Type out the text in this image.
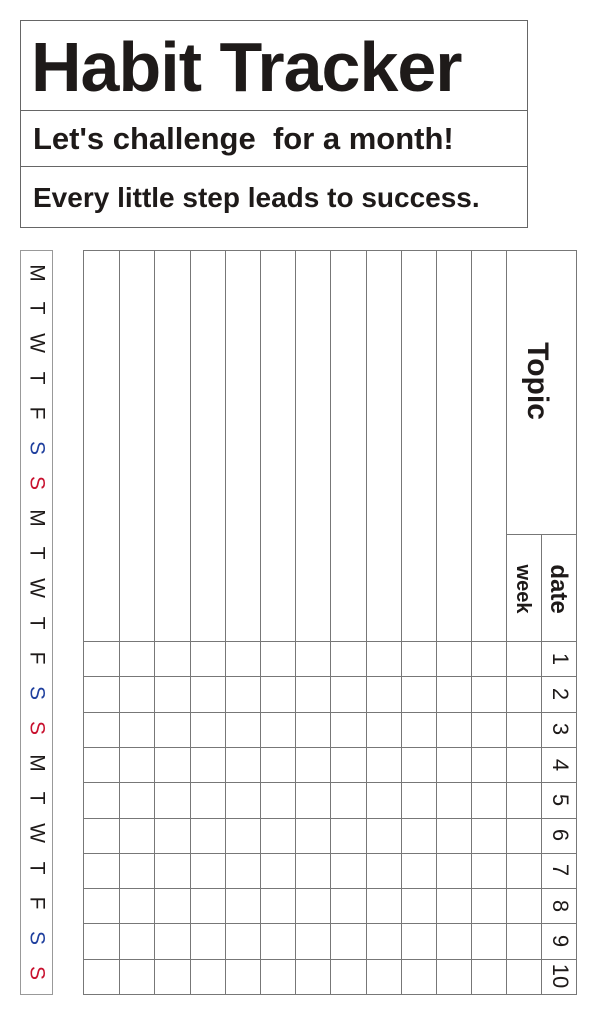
Habit Tracker
Let's challenge  for a month!
Every little step leads to success.
M
T
W
T
F
S
S
M
T
W
T
F
S
S
M
T
W
T
F
S
S
Topic
date
week
1
2
3
4
5
6
7
8
9
10
